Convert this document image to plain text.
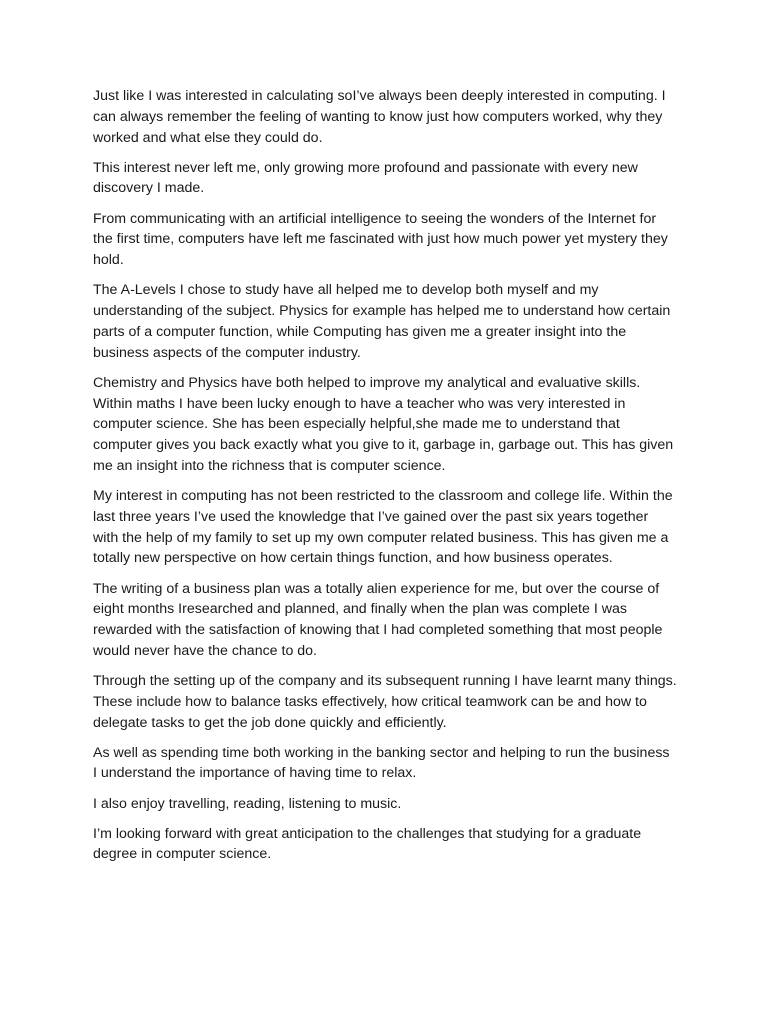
Just like I was interested in calculating soI’ve always been deeply interested in computing. I can always remember the feeling of wanting to know just how computers worked, why they worked and what else they could do.

This interest never left me, only growing more profound and passionate with every new discovery I made.

From communicating with an artificial intelligence to seeing the wonders of the Internet for the first time, computers have left me fascinated with just how much power yet mystery they hold.

The A-Levels I chose to study have all helped me to develop both myself and my understanding of the subject. Physics for example has helped me to understand how certain parts of a computer function, while Computing has given me a greater insight into the business aspects of the computer industry.

Chemistry and Physics have both helped to improve my analytical and evaluative skills. Within maths I have been lucky enough to have a teacher who was very interested in computer science. She has been especially helpful,she made me to understand that computer gives you back exactly what you give to it, garbage in, garbage out. This has given me an insight into the richness that is computer science.

My interest in computing has not been restricted to the classroom and college life. Within the last three years I’ve used the knowledge that I’ve gained over the past six years together with the help of my family to set up my own computer related business. This has given me a totally new perspective on how certain things function, and how business operates.

The writing of a business plan was a totally alien experience for me, but over the course of eight months Iresearched and planned, and finally when the plan was complete I was rewarded with the satisfaction of knowing that I had completed something that most people would never have the chance to do.

Through the setting up of the company and its subsequent running I have learnt many things. These include how to balance tasks effectively, how critical teamwork can be and how to delegate tasks to get the job done quickly and efficiently.

As well as spending time both working in the banking sector and helping to run the business I understand the importance of having time to relax.

I also enjoy travelling, reading, listening to music.

I’m looking forward with great anticipation to the challenges that studying for a graduate degree in computer science.
